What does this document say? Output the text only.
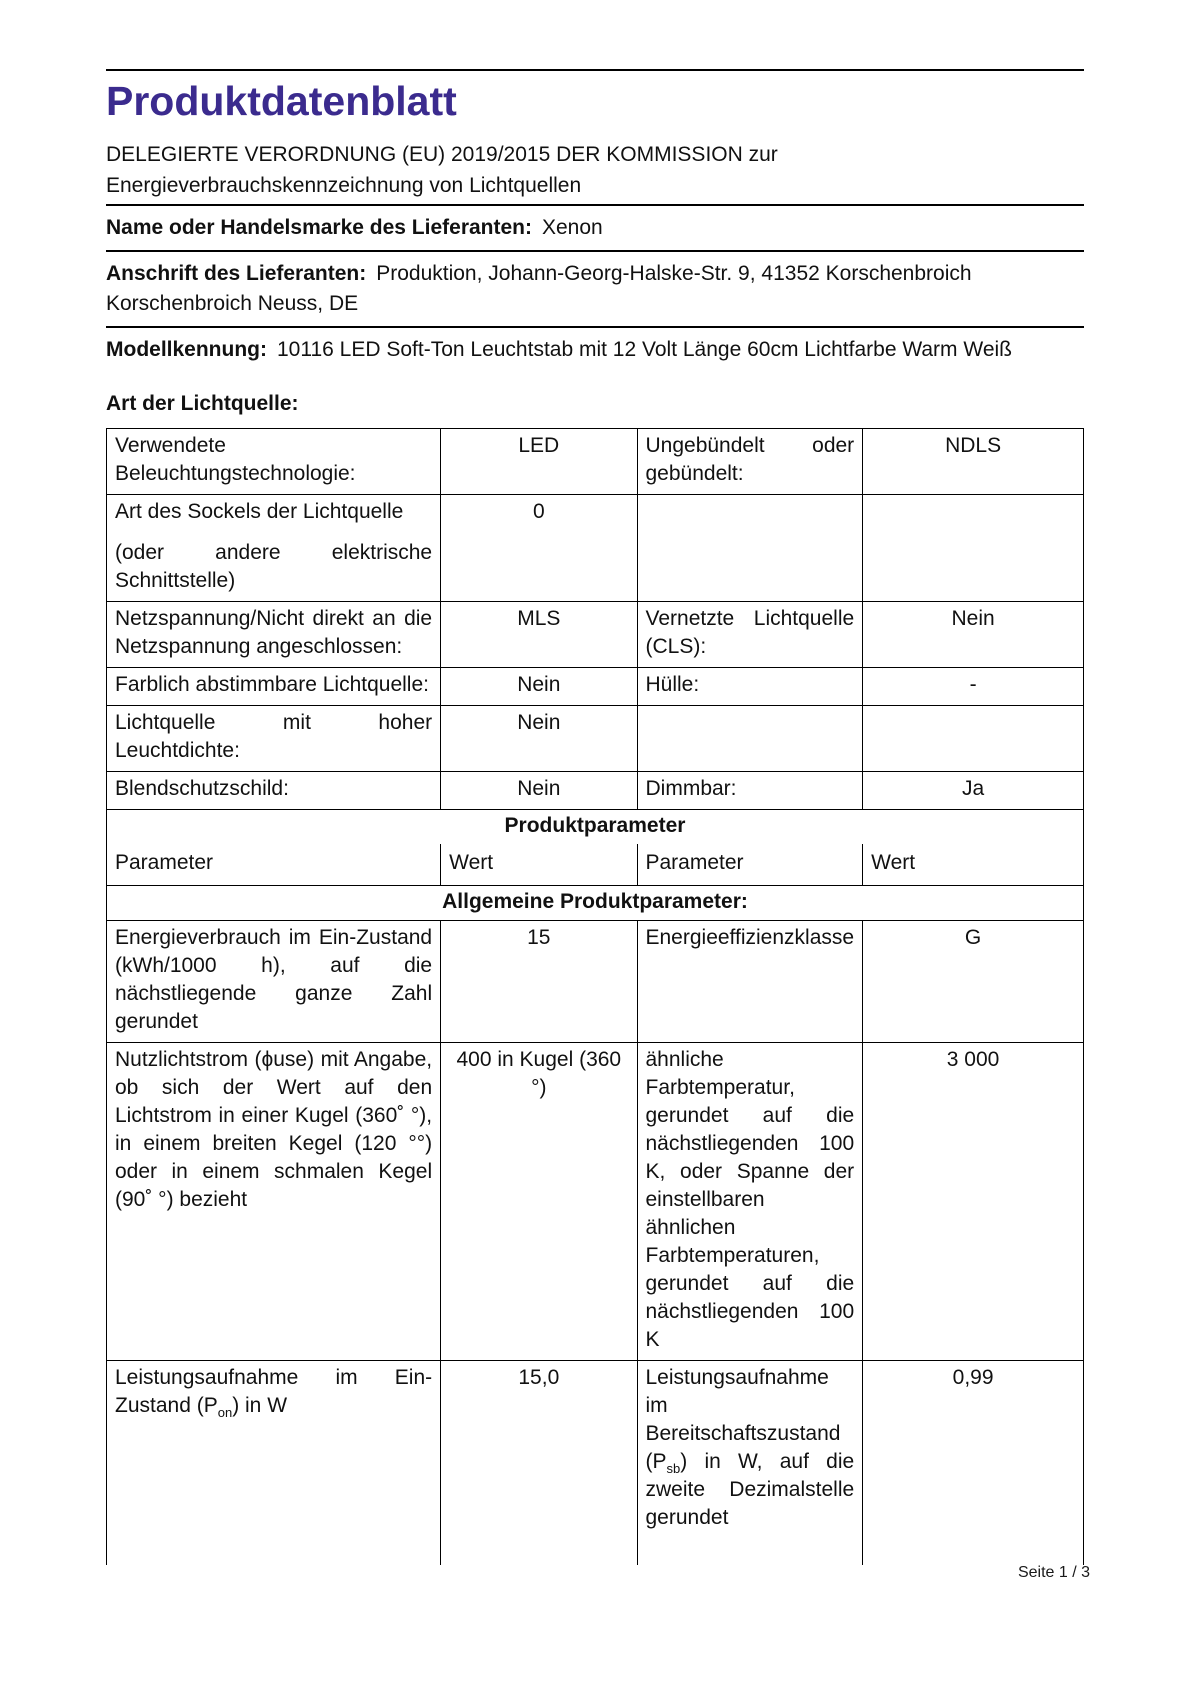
Produktdatenblatt

DELEGIERTE VERORDNUNG (EU) 2019/2015 DER KOMMISSION zur
Energieverbrauchskennzeichnung von Lichtquellen

Name oder Handelsmarke des Lieferanten: Xenon

Anschrift des Lieferanten: Produktion, Johann-Georg-Halske-Str. 9, 41352 Korschenbroich Korschenbroich Neuss, DE

Modellkennung: 10116 LED Soft-Ton Leuchtstab mit 12 Volt Länge 60cm Lichtfarbe Warm Weiß

Art der Lichtquelle:
Verwendete Beleuchtungstechnologie:	LED	Ungebündelt oder gebündelt:	NDLS

Art des Sockels der Lichtquelle

(oder andere elektrische Schnittstelle)	0		
Netzspannung/Nicht direkt an die Netzspannung angeschlossen:	MLS	Vernetzte Lichtquelle (CLS):	Nein
Farblich abstimmbare Lichtquelle:	Nein	Hülle:	-
Lichtquelle mit hoher Leuchtdichte:	Nein		
Blendschutzschild:	Nein	Dimmbar:	Ja
Produktparameter			
Parameter	Wert	Parameter	Wert
Allgemeine Produktparameter:			
Energieverbrauch im Ein-Zustand (kWh/1000 h), auf die nächstliegende ganze Zahl gerundet	15	Energieeffizienzklasse	G
Nutzlichtstrom (ϕuse) mit Angabe, ob sich der Wert auf den Lichtstrom in einer Kugel (360˚ °), in einem breiten Kegel (120 °°) oder in einem schmalen Kegel (90˚ °) bezieht	400 in Kugel (360 °)	ähnliche Farbtemperatur, gerundet auf die nächstliegenden 100 K, oder Spanne der einstellbaren ähnlichen Farbtemperaturen, gerundet auf die nächstliegenden 100 K	3 000
Leistungsaufnahme im Ein-Zustand $(P_{on})$ in W	15,0	Leistungsaufnahme im Bereitschaftszustand $(P_{sb})$ in W, auf die zweite Dezimalstelle gerundet	0,99
Seite 1 / 3
